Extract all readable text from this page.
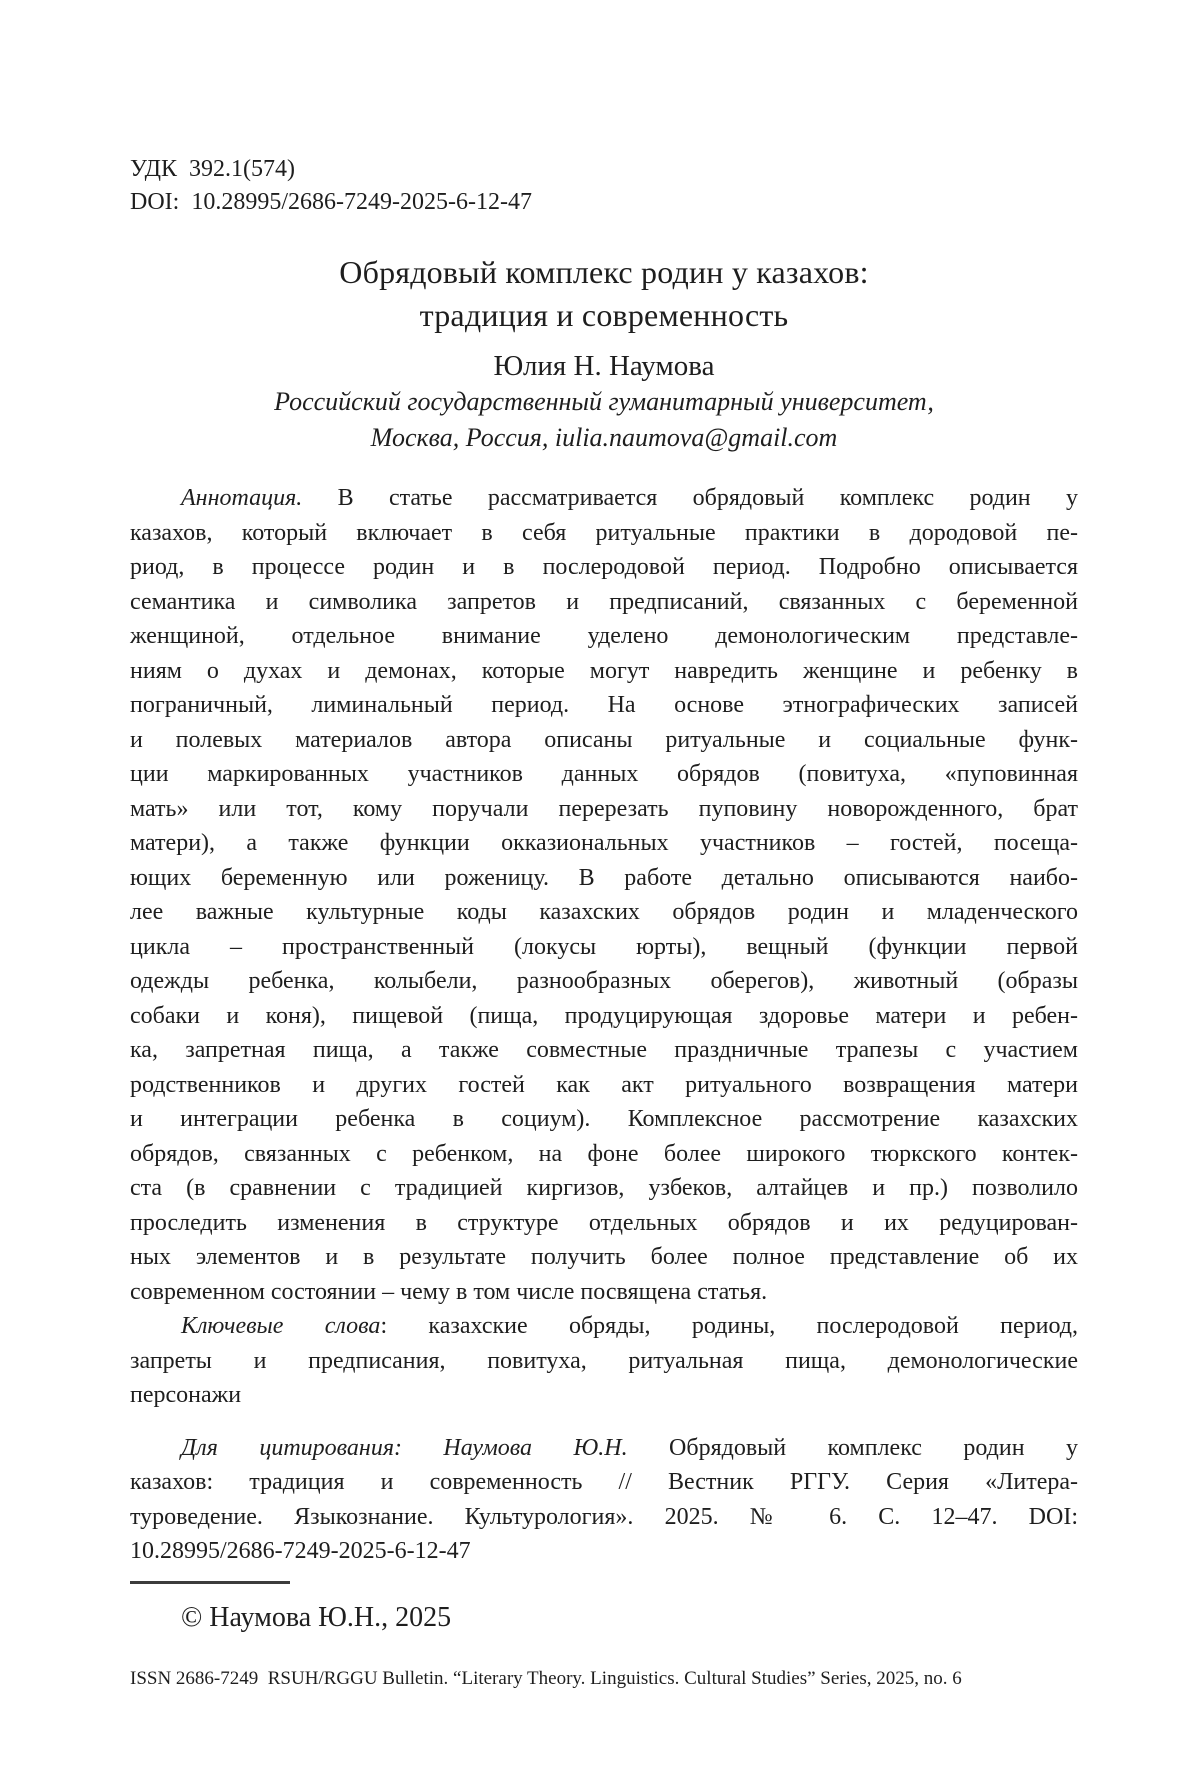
УДК  392.1(574)
DOI:  10.28995/2686-7249-2025-6-12-47
Обрядовый комплекс родин у казахов:
традиция и современность
Юлия Н. Наумова
Российский государственный гуманитарный университет,
Москва, Россия, iulia.naumova@gmail.com
Аннотация. В статье рассматривается обрядовый комплекс родин у
казахов, который включает в себя ритуальные практики в дородовой пе-
риод, в процессе родин и в послеродовой период. Подробно описывается
семантика и символика запретов и предписаний, связанных с беременной
женщиной, отдельное внимание уделено демонологическим представле-
ниям о духах и демонах, которые могут навредить женщине и ребенку в
пограничный, лиминальный период. На основе этнографических записей
и полевых материалов автора описаны ритуальные и социальные функ-
ции маркированных участников данных обрядов (повитуха, «пуповинная
мать» или тот, кому поручали перерезать пуповину новорожденного, брат
матери), а также функции окказиональных участников – гостей, посеща-
ющих беременную или роженицу. В работе детально описываются наибо-
лее важные культурные коды казахских обрядов родин и младенческого
цикла – пространственный (локусы юрты), вещный (функции первой
одежды ребенка, колыбели, разнообразных оберегов), животный (образы
собаки и коня), пищевой (пища, продуцирующая здоровье матери и ребен-
ка, запретная пища, а также совместные праздничные трапезы с участием
родственников и других гостей как акт ритуального возвращения матери
и интеграции ребенка в социум). Комплексное рассмотрение казахских
обрядов, связанных с ребенком, на фоне более широкого тюркского контек-
ста (в сравнении с традицией киргизов, узбеков, алтайцев и пр.) позволило
проследить изменения в структуре отдельных обрядов и их редуцирован-
ных элементов и в результате получить более полное представление об их
современном состоянии – чему в том числе посвящена статья.
Ключевые слова: казахские обряды, родины, послеродовой период,
запреты и предписания, повитуха, ритуальная пища, демонологические
персонажи
Для цитирования: Наумова Ю.Н. Обрядовый комплекс родин у
казахов: традиция и современность // Вестник РГГУ. Серия «Литера-
туроведение. Языкознание. Культурология». 2025. № 6. С. 12–47. DOI:
10.28995/2686-7249-2025-6-12-47
© Наумова Ю.Н., 2025
ISSN 2686-7249  RSUH/RGGU Bulletin. “Literary Theory. Linguistics. Cultural Studies” Series, 2025, no. 6
